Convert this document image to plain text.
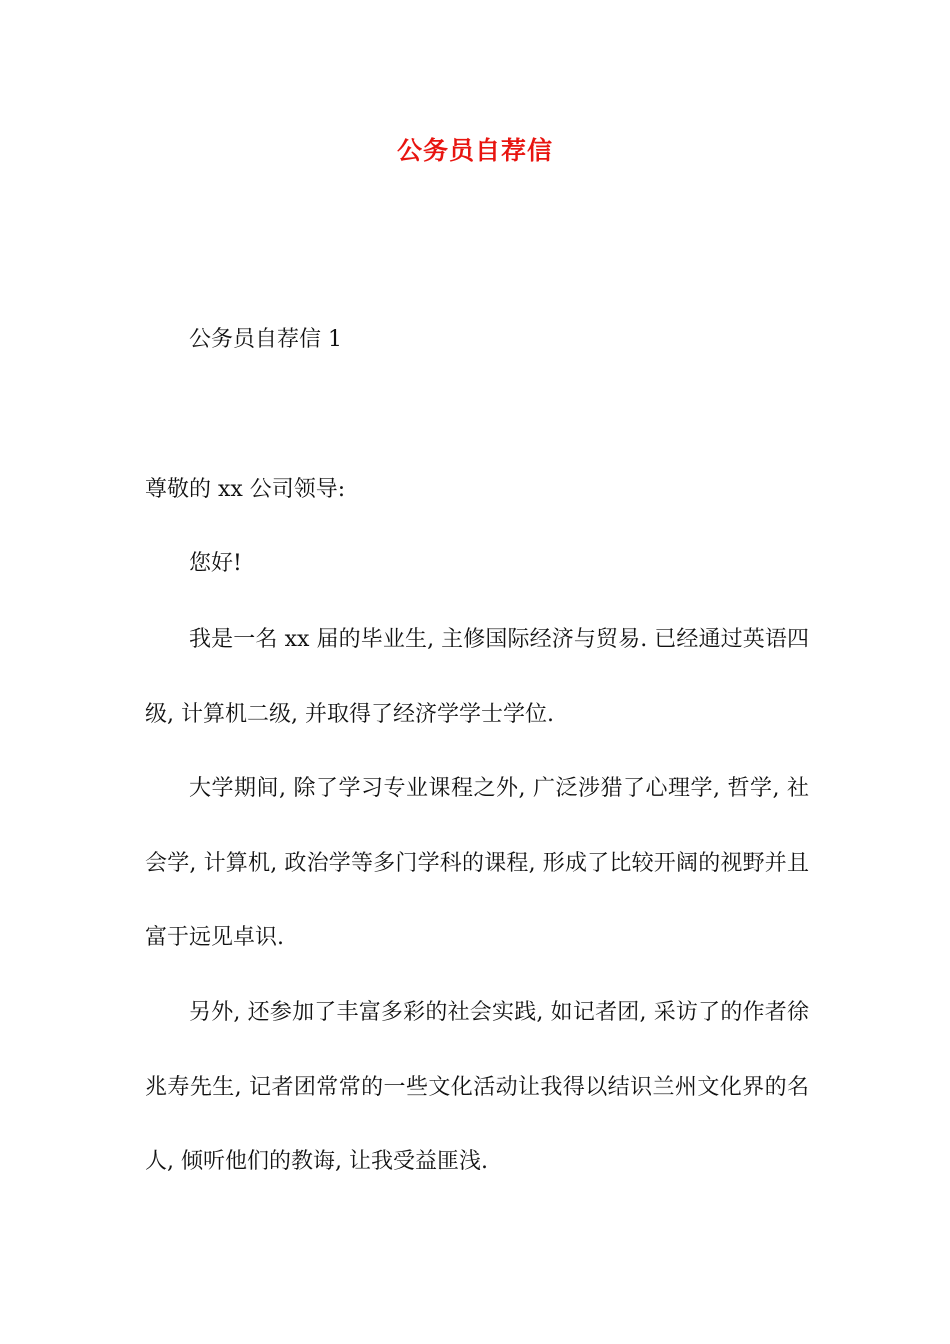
公务员自荐信
公务员自荐信 1
尊敬的 xx 公司领导:
您好!
我是一名 xx 届的毕业生, 主修国际经济与贸易. 已经通过英语四级, 计算机二级, 并取得了经济学学士学位.
大学期间, 除了学习专业课程之外, 广泛涉猎了心理学, 哲学, 社会学, 计算机, 政治学等多门学科的课程, 形成了比较开阔的视野并且富于远见卓识.
另外, 还参加了丰富多彩的社会实践, 如记者团, 采访了的作者徐兆寿先生, 记者团常常的一些文化活动让我得以结识兰州文化界的名人, 倾听他们的教诲, 让我受益匪浅.
